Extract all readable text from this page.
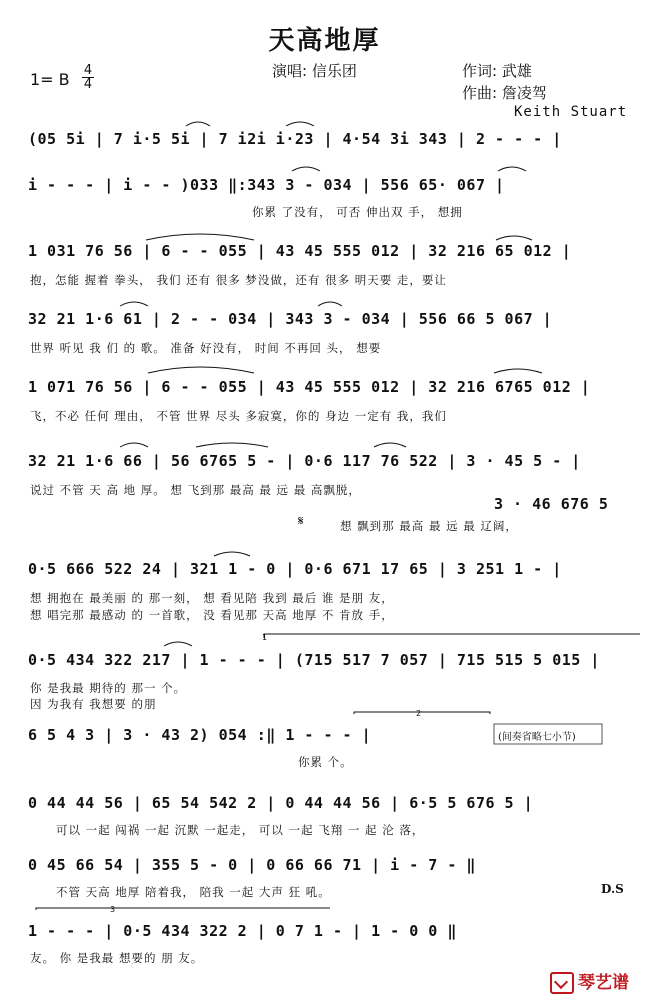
天高地厚
演唱: 信乐团	作词: 武雄
作曲: 詹凌驾
Keith Stuart
1= B $\frac{4}{4}$
(05 5i | 7 i·5 5i | 7 i2i i·23 | 4·54 3i 343 | 2 - - - |
i - - - | i - - )033 ‖:343 3 - 034 | 556 65· 067 |
你累 了没有， 可否 伸出双 手， 想拥
1 031 76 56 | 6 - - 055 | 43 45 555 012 | 32 216 65 012 |
抱，怎能 握着 拳头， 我们 还有 很多 梦没做，还有 很多 明天要 走，要让
32 21 1·6 61 | 2 - - 034 | 343 3 - 034 | 556 66 5 067 |
世界 听见 我 们 的 歌。 准备 好没有， 时间 不再回 头， 想要
1 071 76 56 | 6 - - 055 | 43 45 555 012 | 32 216 6765 012 |
飞，不必 任何 理由， 不管 世界 尽头 多寂寞，你的 身边 一定有 我，我们
32 21 1·6 66 | 56 6765 5 - | 0·6 117 76 522 | 3 · 45 5 - |
说过 不管 天 高 地 厚。 想 飞到那 最高 最 远 最 高飘脱，
3 · 46 676 5
𝄋	想 飘到那 最高 最 远 最 辽阔，
0·5 666 522 24 | 321 1 - 0 | 0·6 671 17 65 | 3 251 1 - |
想 拥抱在 最美丽 的 那一刻， 想 看见陪 我到 最后 谁 是朋 友，
想 唱完那 最感动 的 一首歌， 没 看见那 天高 地厚 不 肯放 手，
0·5 434 322 217 | 1 - - - | (715 517 7 057 | 715 515 5 015 |
你 是我最 期待的 那一 个。
因 为我有 我想要 的朋
6 5 4 3 | 3 · 43 2) 054 :‖ 1 - - - |
你累 个。
(间奏省略七小节)
0 44 44 56 | 65 54 542 2 | 0 44 44 56 | 6·5 5 676 5 |
可以 一起 闯祸 一起 沉默 一起走， 可以 一起 飞翔 一 起 沦 落，
0 45 66 54 | 355 5 - 0 | 0 66 66 71 | i - 7 - ‖
不管 天高 地厚 陪着我， 陪我 一起 大声 狂 吼。	D.S
1 - - - | 0·5 434 322 2 | 0 7 1 - | 1 - 0 0 ‖
友。 你 是我最 想要的 朋 友。
1
2
3
琴艺谱
